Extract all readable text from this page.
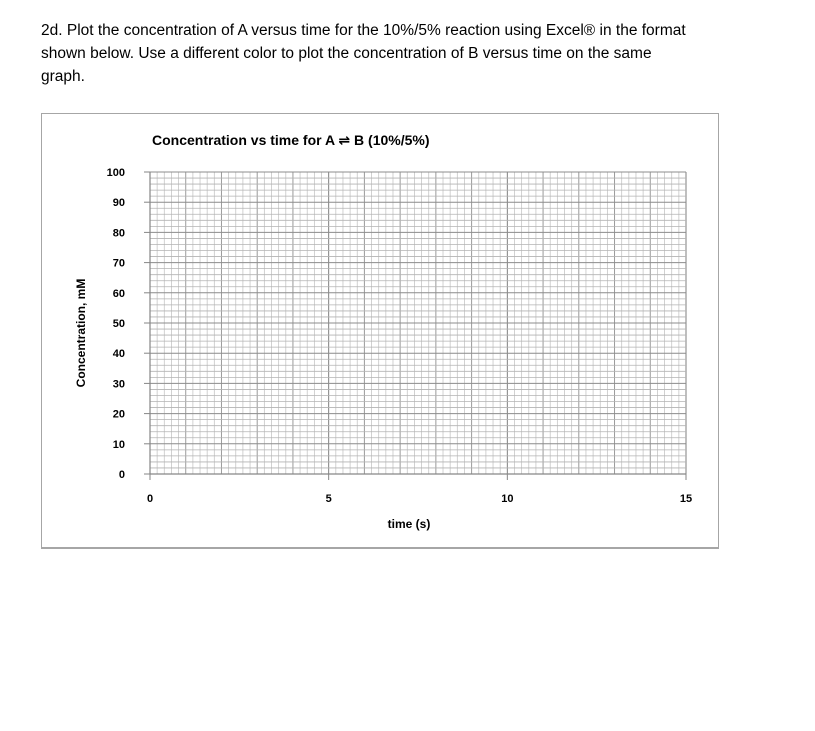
2d. Plot the concentration of A versus time for the 10%/5% reaction using Excel® in the format

shown below. Use a different color to plot the concentration of B versus time on the same

graph.

0
10
20
30
40
50
60
70
80
90
100
0	5	10	15
Concentration vs time for A ⇌ B (10%/5%)
time (s)
Concentration, mM
